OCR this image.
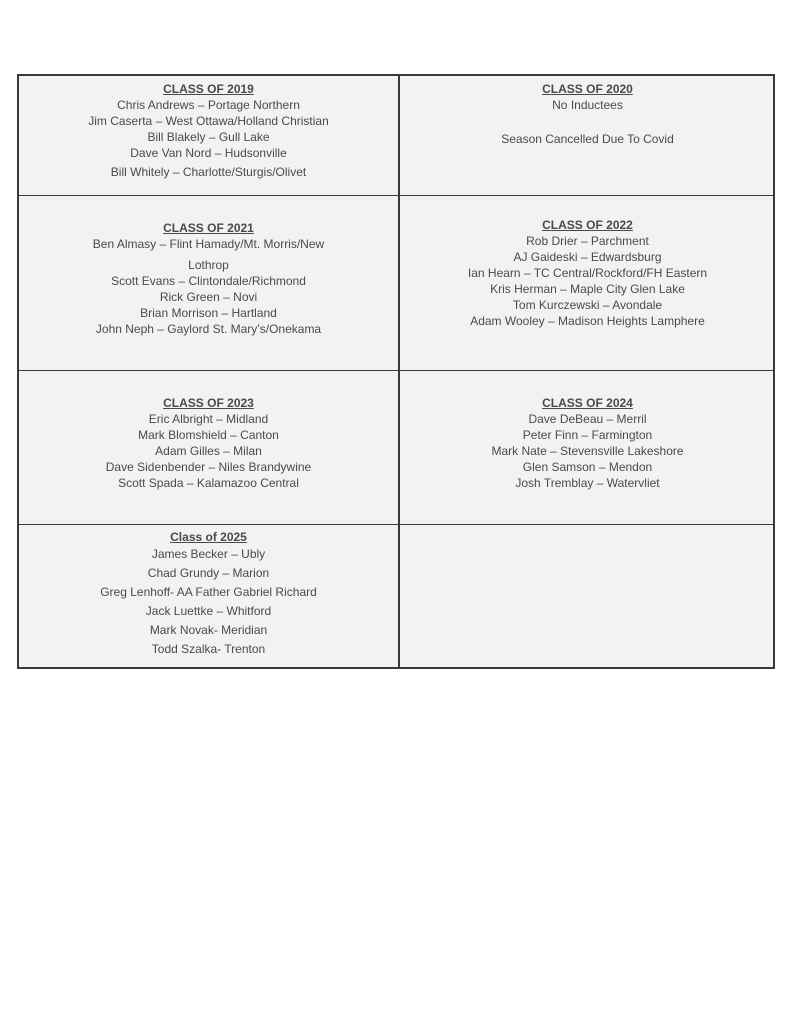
CLASS OF 2019
Chris Andrews – Portage Northern
Jim Caserta – West Ottawa/Holland Christian
Bill Blakely – Gull Lake
Dave Van Nord – Hudsonville
Bill Whitely – Charlotte/Sturgis/Olivet
CLASS OF 2020
No Inductees
Season Cancelled Due To Covid
CLASS OF 2021
Ben Almasy – Flint Hamady/Mt. Morris/New
Lothrop
Scott Evans – Clintondale/Richmond
Rick Green – Novi
Brian Morrison – Hartland
John Neph – Gaylord St. Mary’s/Onekama
CLASS OF 2022
Rob Drier – Parchment
AJ Gaideski – Edwardsburg
Ian Hearn – TC Central/Rockford/FH Eastern
Kris Herman – Maple City Glen Lake
Tom Kurczewski – Avondale
Adam Wooley – Madison Heights Lamphere
CLASS OF 2023
Eric Albright – Midland
Mark Blomshield – Canton
Adam Gilles – Milan
Dave Sidenbender – Niles Brandywine
Scott Spada – Kalamazoo Central
CLASS OF 2024
Dave DeBeau – Merril
Peter Finn – Farmington
Mark Nate – Stevensville Lakeshore
Glen Samson – Mendon
Josh Tremblay – Watervliet
Class of 2025
James Becker – Ubly
Chad Grundy – Marion
Greg Lenhoff- AA Father Gabriel Richard
Jack Luettke – Whitford
Mark Novak- Meridian
Todd Szalka- Trenton
